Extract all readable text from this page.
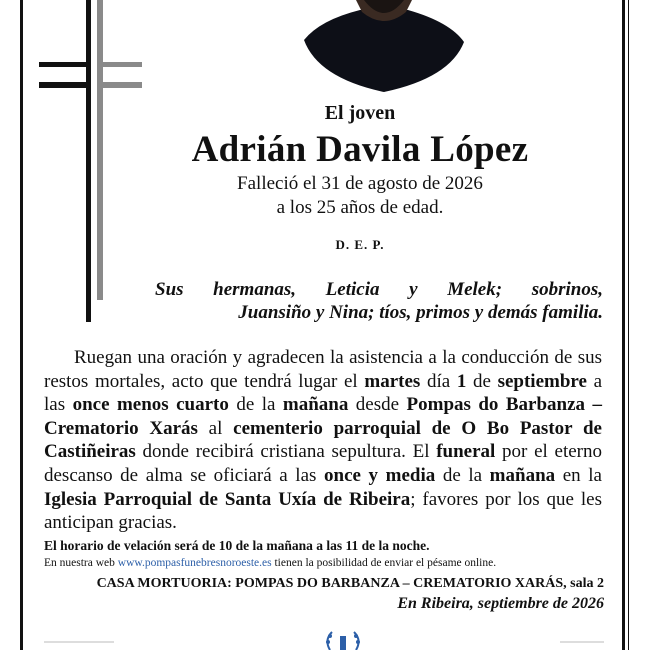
El joven
Adrián Davila López
Falleció el 31 de agosto de 2026
a los 25 años de edad.
D. E. P.
Sus hermanas, Leticia y Melek; sobrinos,
Juansiño y Nina; tíos, primos y demás familia.

Ruegan una oración y agradecen la asistencia a la conducción de sus restos mortales, acto que tendrá lugar el martes día 1 de septiembre a las once menos cuarto de la mañana desde Pompas do Barbanza – Crematorio Xarás al cementerio parroquial de O Bo Pastor de Castiñeiras donde recibirá cristiana sepultura. El funeral por el eterno descanso de alma se oficiará a las once y media de la mañana en la Iglesia Parroquial de Santa Uxía de Ribeira; favores por los que les anticipan gracias.

El horario de velación será de 10 de la mañana a las 11 de la noche.
En nuestra web www.pompasfunebresnoroeste.es tienen la posibilidad de enviar el pésame online.
CASA MORTUORIA: POMPAS DO BARBANZA – CREMATORIO XARÁS, sala 2
En Ribeira, septiembre de 2026
